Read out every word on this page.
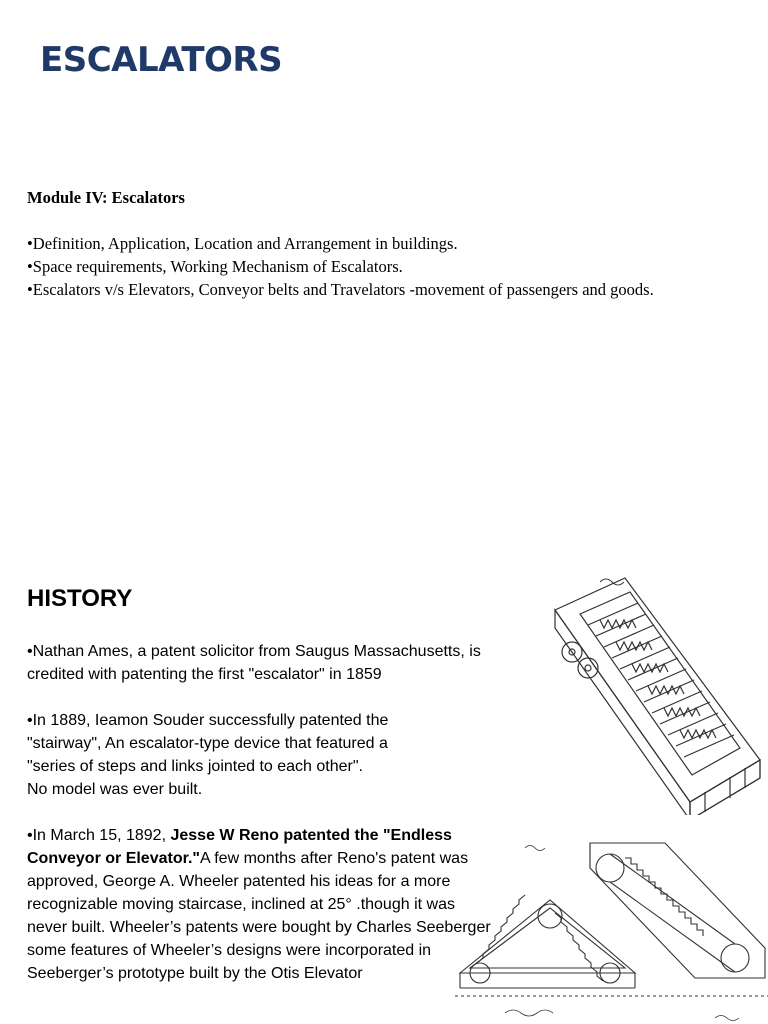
ESCALATORS

Module IV: Escalators

•Definition, Application, Location and Arrangement in buildings.
•Space requirements, Working Mechanism of Escalators.
•Escalators v/s Elevators, Conveyor belts and Travelators -movement of passengers and goods.
HISTORY

•Nathan Ames, a patent solicitor from Saugus Massachusetts, is credited with patenting the first "escalator" in 1859

•In 1889, Ieamon Souder successfully patented the
"stairway", An escalator-type device that featured a
"series of steps and links jointed to each other".
No model was ever built.

•In March 15, 1892, Jesse W Reno patented the "Endless Conveyor or Elevator."A few months after Reno's patent was approved, George A. Wheeler patented his ideas for a more recognizable moving staircase, inclined at 25° .though it was never built. Wheeler’s patents were bought by Charles Seeberger some features of Wheeler’s designs were incorporated in Seeberger’s prototype built by the Otis Elevator
